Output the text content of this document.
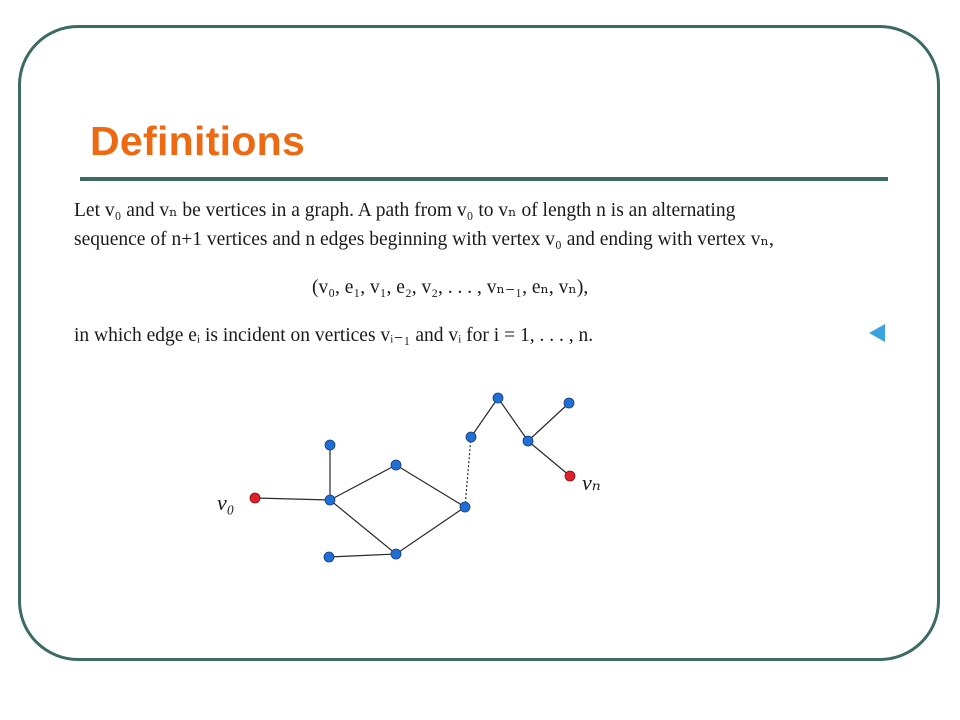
Definitions
Let v₀ and vₙ be vertices in a graph. A path from v₀ to vₙ of length n is an alternating
sequence of n+1 vertices and n edges beginning with vertex v₀ and ending with vertex vₙ,
(v₀, e₁, v₁, e₂, v₂, . . . , vₙ₋₁, eₙ, vₙ),
in which edge eᵢ is incident on vertices vᵢ₋₁ and vᵢ for i = 1, . . . , n.
v₀
vₙ
